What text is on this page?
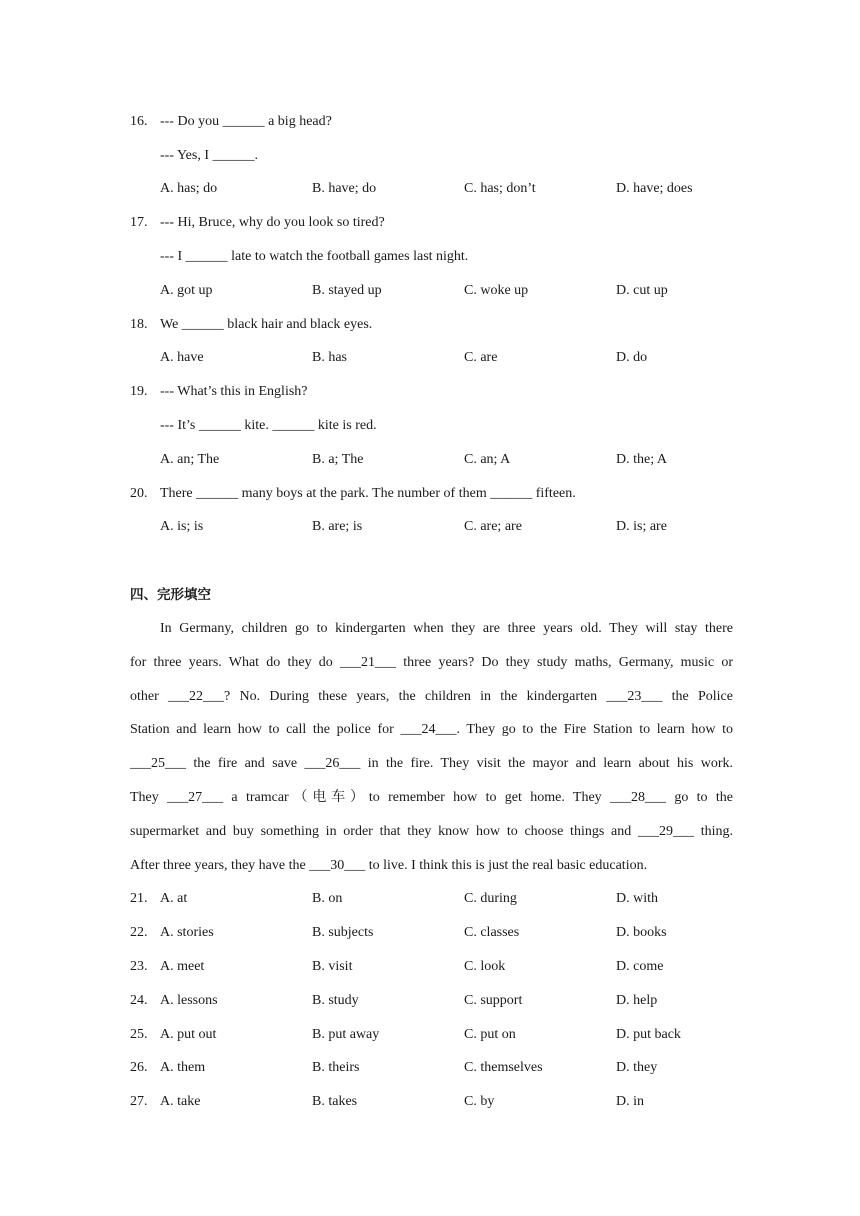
16. --- Do you ______ a big head?
--- Yes, I ______.
A. has; do	B. have; do	C. has; don’t	D. have; does
17. --- Hi, Bruce, why do you look so tired?
--- I ______ late to watch the football games last night.
A. got up	B. stayed up	C. woke up	D. cut up
18. We ______ black hair and black eyes.
A. have	B. has	C. are	D. do
19. --- What’s this in English?
--- It’s ______ kite. ______ kite is red.
A. an; The	B. a; The	C. an; A	D. the; A
20. There ______ many boys at the park. The number of them ______ fifteen.
A. is; is	B. are; is	C. are; are	D. is; are
四、完形填空
In Germany, children go to kindergarten when they are three years old. They will stay there
for three years. What do they do ___21___ three years? Do they study maths, Germany, music or
other ___22___? No. During these years, the children in the kindergarten ___23___ the Police
Station and learn how to call the police for ___24___. They go to the Fire Station to learn how to
___25___ the fire and save ___26___ in the fire. They visit the mayor and learn about his work.
They ___27___ a tramcar（电车）to remember how to get home. They ___28___ go to the
supermarket and buy something in order that they know how to choose things and ___29___ thing.
After three years, they have the ___30___ to live. I think this is just the real basic education.
21. A. at	B. on	C. during	D. with
22. A. stories	B. subjects	C. classes	D. books
23. A. meet	B. visit	C. look	D. come
24. A. lessons	B. study	C. support	D. help
25. A. put out	B. put away	C. put on	D. put back
26. A. them	B. theirs	C. themselves	D. they
27. A. take	B. takes	C. by	D. in
